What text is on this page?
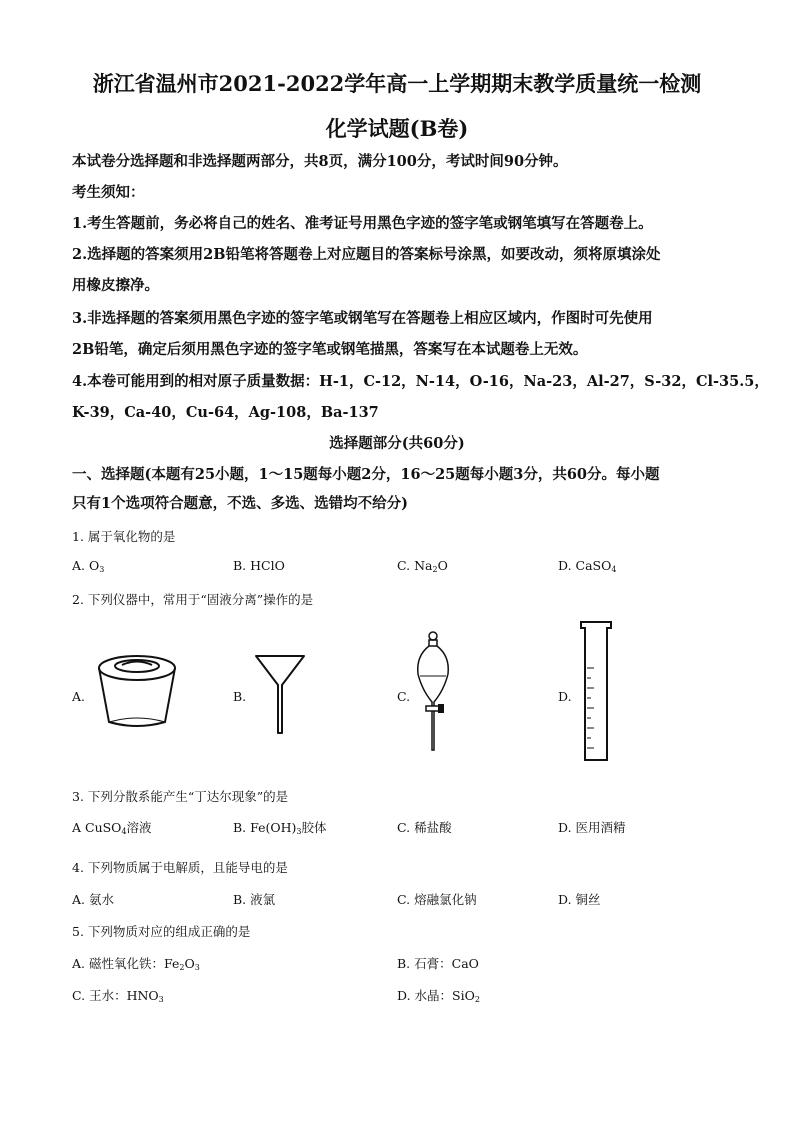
浙江省温州市2021-2022学年高一上学期期末教学质量统一检测
化学试题(B卷)
本试卷分选择题和非选择题两部分，共8页，满分100分，考试时间90分钟。
考生须知：
1.考生答题前，务必将自己的姓名、准考证号用黑色字迹的签字笔或钢笔填写在答题卷上。
2.选择题的答案须用2B铅笔将答题卷上对应题目的答案标号涂黑，如要改动，须将原填涂处
用橡皮擦净。
3.非选择题的答案须用黑色字迹的签字笔或钢笔写在答题卷上相应区域内，作图时可先使用
2B铅笔，确定后须用黑色字迹的签字笔或钢笔描黑，答案写在本试题卷上无效。
4.本卷可能用到的相对原子质量数据：H-1，C-12，N-14，O-16，Na-23，Al-27，S-32，Cl-35.5，
K-39，Ca-40，Cu-64，Ag-108，Ba-137
选择题部分(共60分)
一、选择题(本题有25小题，1～15题每小题2分，16～25题每小题3分，共60分。每小题
只有1个选项符合题意，不选、多选、选错均不给分)
1. 属于氧化物的是
A. $O_3$	B. HClO	C. $Na_2O$	D. CaSO$_4$
2. 下列仪器中，常用于“固液分离”操作的是
A.	B.	C.	D.
3. 下列分散系能产生“丁达尔现象”的是
A CuSO$_4$溶液	B. $Fe(OH)_3$胶体	C. 稀盐酸	D. 医用酒精
4. 下列物质属于电解质，且能导电的是
A. 氨水	B. 液氯	C. 熔融氯化钠	D. 铜丝
5. 下列物质对应的组成正确的是
A. 磁性氧化铁：$Fe_2O_3$	B. 石膏：CaO
C. 王水：$HNO_3$	D. 水晶：SiO$_2$
